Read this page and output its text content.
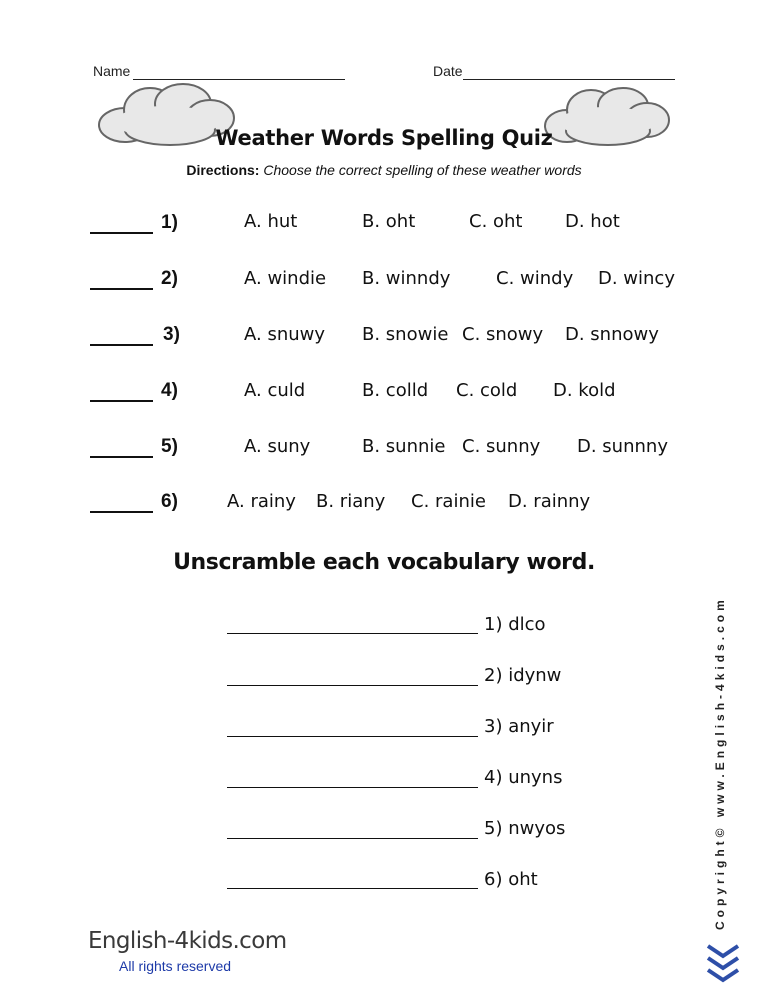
Name	Date
Weather Words Spelling Quiz
Directions: Choose the correct spelling of these weather words
1)	A. hut	B. oht	C. oht D. hot
2)	A. windie B. winndy	C. windy D. wincy
3)	A. snuwy B. snowie C. snowy D. snnowy
4)	A. culd	B. colld C. cold D. kold
5)	A. suny	B. sunnie C. sunny D. sunnny
6)	A. rainy B. riany C. rainie D. rainny
Unscramble each vocabulary word.
1) dlco
2) idynw
3) anyir
4) unyns
5) nwyos
6) oht
English-4kids.com
All rights reserved
Copyright© www.English-4kids.com
